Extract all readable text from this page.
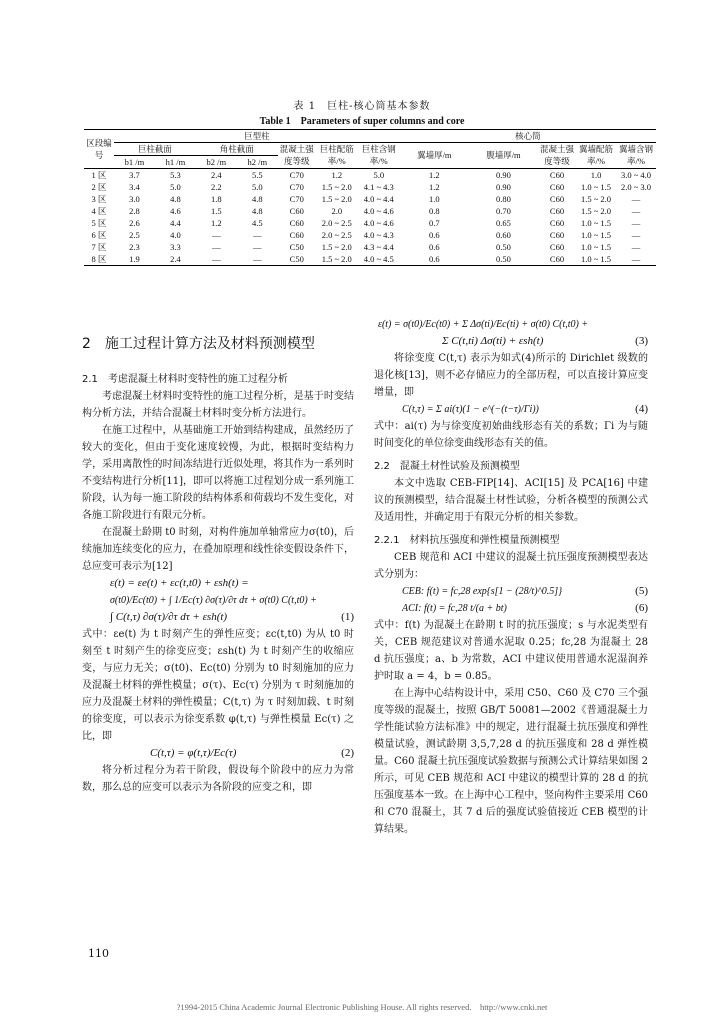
表 1　巨柱-核心筒基本参数
Table 1　Parameters of super columns and core
区段编号	巨型柱							核心筒				
	巨柱截面		角柱截面		混凝土强度等级	巨柱配筋率/%	巨柱含钢率/%	翼墙厚/m	腹墙厚/m	混凝土强度等级	翼墙配筋率/%	翼墙含钢率/%
	b1 /m	h1 /m	b2 /m	h2 /m								
1 区	3.7	5.3	2.4	5.5	C70	1.2	5.0	1.2	0.90	C60	1.0	3.0 ~ 4.0
2 区	3.4	5.0	2.2	5.0	C70	1.5 ~ 2.0	4.1 ~ 4.3	1.2	0.90	C60	1.0 ~ 1.5	2.0 ~ 3.0
3 区	3.0	4.8	1.8	4.8	C70	1.5 ~ 2.0	4.0 ~ 4.4	1.0	0.80	C60	1.5 ~ 2.0	—
4 区	2.8	4.6	1.5	4.8	C60	2.0	4.0 ~ 4.6	0.8	0.70	C60	1.5 ~ 2.0	—
5 区	2.6	4.4	1.2	4.5	C60	2.0 ~ 2.5	4.0 ~ 4.6	0.7	0.65	C60	1.0 ~ 1.5	—
6 区	2.5	4.0	—	—	C60	2.0 ~ 2.5	4.0 ~ 4.3	0.6	0.60	C60	1.0 ~ 1.5	—
7 区	2.3	3.3	—	—	C50	1.5 ~ 2.0	4.3 ~ 4.4	0.6	0.50	C60	1.0 ~ 1.5	—
8 区	1.9	2.4	—	—	C50	1.5 ~ 2.0	4.0 ~ 4.5	0.6	0.50	C60	1.0 ~ 1.5	—
2　施工过程计算方法及材料预测模型
2.1　考虑混凝土材料时变特性的施工过程分析

考虑混凝土材料时变特性的施工过程分析，是基于时变结构分析方法，并结合混凝土材料时变分析方法进行。

在施工过程中，从基础施工开始到结构建成，虽然经历了较大的变化，但由于变化速度较慢，为此，根据时变结构力学，采用离散性的时间冻结进行近似处理，将其作为一系列时不变结构进行分析[11]，即可以将施工过程划分成一系列施工阶段，认为每一施工阶段的结构体系和荷载均不发生变化，对各施工阶段进行有限元分析。

在混凝土龄期 t0 时刻，对构件施加单轴常应力σ(t0)，后续施加连续变化的应力，在叠加原理和线性徐变假设条件下，总应变可表示为[12]

ε(t) = εe(t) + εc(t,t0) + εsh(t) =
σ(t0)/Ec(t0) + ∫ 1/Ec(τ) ∂σ(τ)/∂τ dτ + σ(t0) C(t,t0) +
∫ C(t,τ) ∂σ(τ)/∂τ dτ + εsh(t)	(1)

式中：εe(t) 为 t 时刻产生的弹性应变；εc(t,t0) 为从 t0 时刻至 t 时刻产生的徐变应变；εsh(t) 为 t 时刻产生的收缩应变，与应力无关；σ(t0)、Ec(t0) 分别为 t0 时刻施加的应力及混凝土材料的弹性模量；σ(τ)、Ec(τ) 分别为 τ 时刻施加的应力及混凝土材料的弹性模量；C(t,τ) 为 τ 时刻加载、t 时刻的徐变度，可以表示为徐变系数 φ(t,τ) 与弹性模量 Ec(τ) 之比，即

C(t,τ) = φ(t,τ)/Ec(τ)	(2)

将分析过程分为若干阶段，假设每个阶段中的应力为常数，那么总的应变可以表示为各阶段的应变之和，即

ε(t) = σ(t0)/Ec(t0) + Σ Δσ(ti)/Ec(ti) + σ(t0) C(t,t0) +
Σ C(t,ti) Δσ(ti) + εsh(t)	(3)

将徐变度 C(t,τ) 表示为如式(4)所示的 Dirichlet 级数的退化核[13]，则不必存储应力的全部历程，可以直接计算应变增量，即

C(t,τ) = Σ ai(τ)(1 − e^(−(t−τ)/Γi))	(4)

式中：ai(τ) 为与徐变度初始曲线形态有关的系数；Γi 为与随时间变化的单位徐变曲线形态有关的值。

2.2　混凝土材性试验及预测模型

本文中选取 CEB-FIP[14]、ACI[15] 及 PCA[16] 中建议的预测模型，结合混凝土材性试验，分析各模型的预测公式及适用性，并确定用于有限元分析的相关参数。

2.2.1　材料抗压强度和弹性模量预测模型

CEB 规范和 ACI 中建议的混凝土抗压强度预测模型表达式分别为：

CEB: f(t) = fc,28 exp{s[1 − (28/t)^0.5]}	(5)
ACI: f(t) = fc,28 t/(a + bt)	(6)

式中：f(t) 为混凝土在龄期 t 时的抗压强度；s 与水泥类型有关，CEB 规范建议对普通水泥取 0.25；fc,28 为混凝土 28 d 抗压强度；a、b 为常数，ACI 中建议使用普通水泥湿润养护时取 a = 4，b = 0.85。

在上海中心结构设计中，采用 C50、C60 及 C70 三个强度等级的混凝土，按照 GB/T 50081—2002《普通混凝土力学性能试验方法标准》中的规定，进行混凝土抗压强度和弹性模量试验，测试龄期 3,5,7,28 d 的抗压强度和 28 d 弹性模量。C60 混凝土抗压强度试验数据与预测公式计算结果如图 2 所示，可见 CEB 规范和 ACI 中建议的模型计算的 28 d 的抗压强度基本一致。在上海中心工程中，竖向构件主要采用 C60 和 C70 混凝土，其 7 d 后的强度试验值接近 CEB 模型的计算结果。

110
?1994-2015 China Academic Journal Electronic Publishing House. All rights reserved.　http://www.cnki.net
